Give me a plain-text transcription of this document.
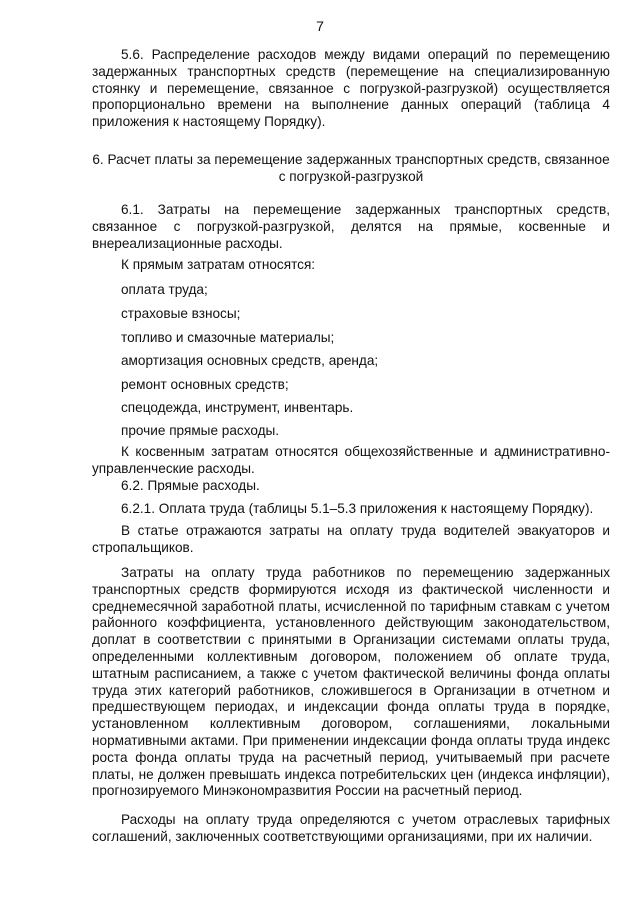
7
5.6. Распределение расходов между видами операций по перемещению задержанных транспортных средств (перемещение на специализированную стоянку и перемещение, связанное с погрузкой-разгрузкой) осуществляется пропорционально времени на выполнение данных операций (таблица 4 приложения к настоящему Порядку).
6. Расчет платы за перемещение задержанных транспортных средств, связанное с погрузкой-разгрузкой
6.1. Затраты на перемещение задержанных транспортных средств, связанное с погрузкой-разгрузкой, делятся на прямые, косвенные и внереализационные расходы.
К прямым затратам относятся:
оплата труда;
страховые взносы;
топливо и смазочные материалы;
амортизация основных средств, аренда;
ремонт основных средств;
спецодежда, инструмент, инвентарь.
прочие прямые расходы.
К косвенным затратам относятся общехозяйственные и административно-управленческие расходы.
6.2. Прямые расходы.
6.2.1. Оплата труда (таблицы 5.1–5.3 приложения к настоящему Порядку).
В статье отражаются затраты на оплату труда водителей эвакуаторов и стропальщиков.
Затраты на оплату труда работников по перемещению задержанных транспортных средств формируются исходя из фактической численности и среднемесячной заработной платы, исчисленной по тарифным ставкам с учетом районного коэффициента, установленного действующим законодательством, доплат в соответствии с принятыми в Организации системами оплаты труда, определенными коллективным договором, положением об оплате труда, штатным расписанием, а также с учетом фактической величины фонда оплаты труда этих категорий работников, сложившегося в Организации в отчетном и предшествующем периодах, и индексации фонда оплаты труда в порядке, установленном коллективным договором, соглашениями, локальными нормативными актами. При применении индексации фонда оплаты труда индекс роста фонда оплаты труда на расчетный период, учитываемый при расчете платы, не должен превышать индекса потребительских цен (индекса инфляции), прогнозируемого Минэкономразвития России на расчетный период.
Расходы на оплату труда определяются с учетом отраслевых тарифных соглашений, заключенных соответствующими организациями, при их наличии.
